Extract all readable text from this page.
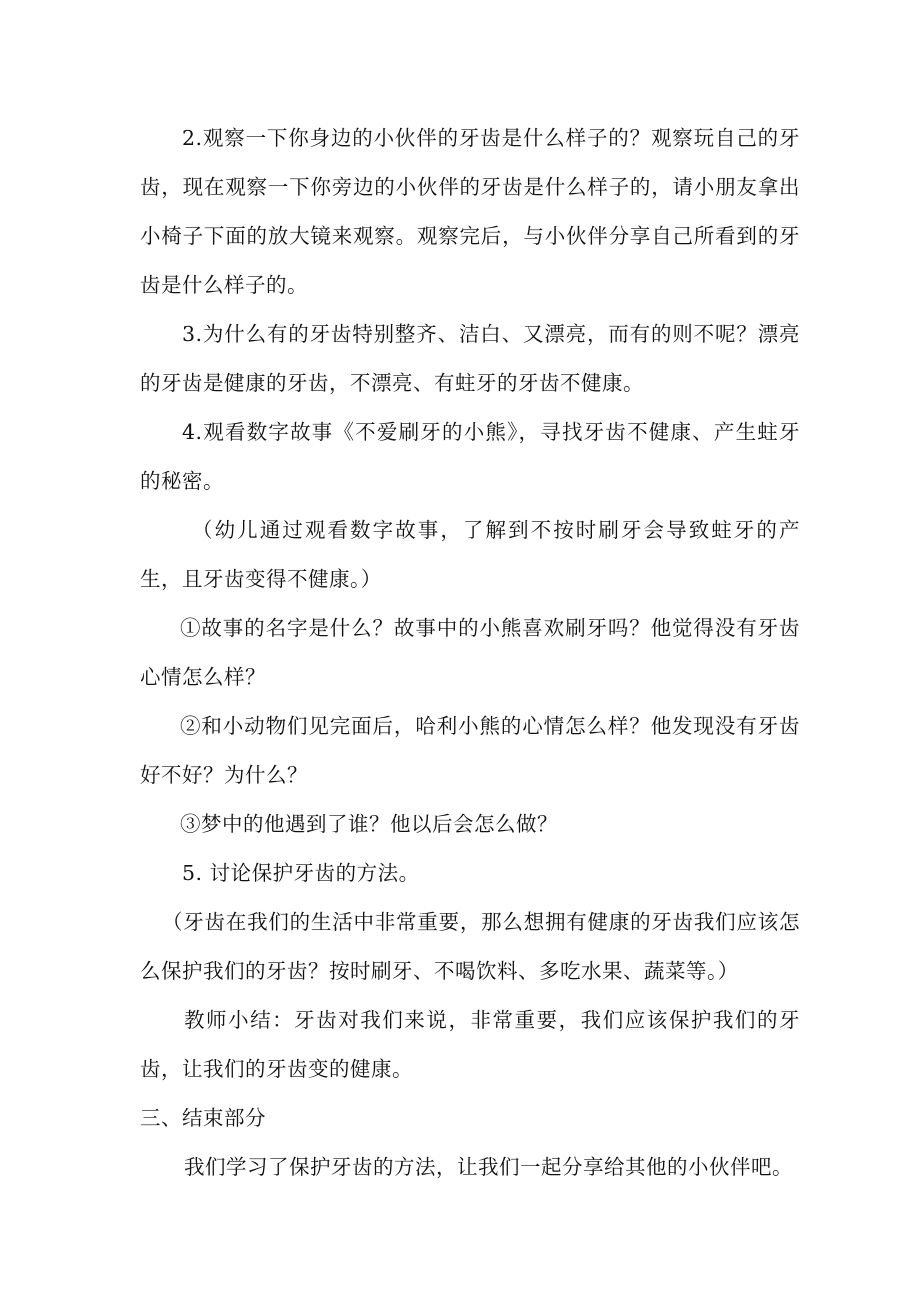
2.观察一下你身边的小伙伴的牙齿是什么样子的？观察玩自己的牙齿，现在观察一下你旁边的小伙伴的牙齿是什么样子的，请小朋友拿出小椅子下面的放大镜来观察。观察完后，与小伙伴分享自己所看到的牙齿是什么样子的。

3.为什么有的牙齿特别整齐、洁白、又漂亮，而有的则不呢？漂亮的牙齿是健康的牙齿，不漂亮、有蛀牙的牙齿不健康。

4.观看数字故事《不爱刷牙的小熊》，寻找牙齿不健康、产生蛀牙的秘密。

（幼儿通过观看数字故事，了解到不按时刷牙会导致蛀牙的产生，且牙齿变得不健康。）

①故事的名字是什么？故事中的小熊喜欢刷牙吗？他觉得没有牙齿心情怎么样？

②和小动物们见完面后，哈利小熊的心情怎么样？他发现没有牙齿好不好？为什么？

③梦中的他遇到了谁？他以后会怎么做？

5. 讨论保护牙齿的方法。

（牙齿在我们的生活中非常重要，那么想拥有健康的牙齿我们应该怎么保护我们的牙齿？按时刷牙、不喝饮料、多吃水果、蔬菜等。）

教师小结：牙齿对我们来说，非常重要，我们应该保护我们的牙齿，让我们的牙齿变的健康。

三、结束部分

我们学习了保护牙齿的方法，让我们一起分享给其他的小伙伴吧。
